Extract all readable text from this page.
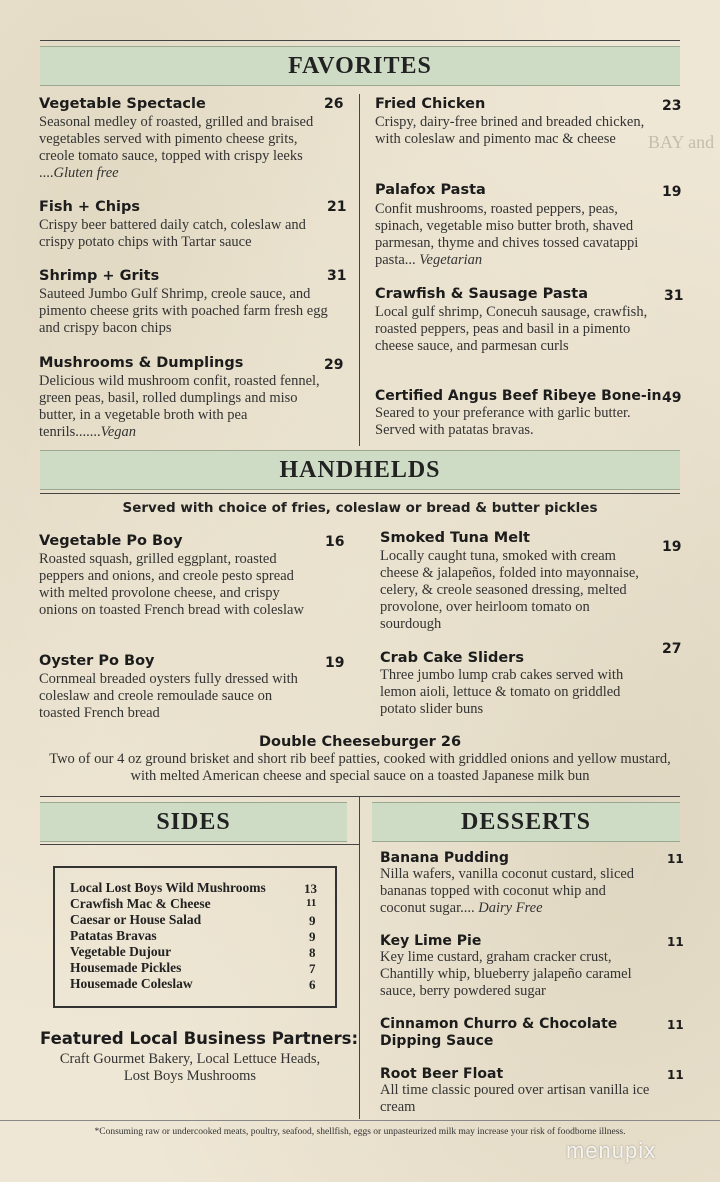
BAY and
FAVORITES
Vegetable Spectacle	26
Seasonal medley of roasted, grilled and braised vegetables served with pimento cheese grits, creole tomato sauce, topped with crispy leeks ....Gluten free
Fish + Chips	21
Crispy beer battered daily catch, coleslaw and crispy potato chips with Tartar sauce
Shrimp + Grits	31
Sauteed Jumbo Gulf Shrimp, creole sauce, and pimento cheese grits with poached farm fresh egg and crispy bacon chips
Mushrooms & Dumplings	29
Delicious wild mushroom confit, roasted fennel, green peas, basil, rolled dumplings and miso butter, in a vegetable broth with pea tenrils.......Vegan
Fried Chicken	23
Crispy, dairy-free brined and breaded chicken, with coleslaw and pimento mac & cheese
Palafox Pasta	19
Confit mushrooms, roasted peppers, peas, spinach, vegetable miso butter broth, shaved parmesan, thyme and chives tossed cavatappi pasta... Vegetarian
Crawfish & Sausage Pasta	31
Local gulf shrimp, Conecuh sausage, crawfish, roasted peppers, peas and basil in a pimento cheese sauce, and parmesan curls
Certified Angus Beef Ribeye Bone-in 49
Seared to your preferance with garlic butter. Served with patatas bravas.
HANDHELDS
Served with choice of fries, coleslaw or bread & butter pickles
Vegetable Po Boy	16
Roasted squash, grilled eggplant, roasted peppers and onions, and creole pesto spread with melted provolone cheese, and crispy onions on toasted French bread with coleslaw
Oyster Po Boy	19
Cornmeal breaded oysters fully dressed with coleslaw and creole remoulade sauce on toasted French bread
Smoked Tuna Melt
19
Locally caught tuna, smoked with cream cheese & jalapeños, folded into mayonnaise, celery, & creole seasoned dressing, melted provolone, over heirloom tomato on sourdough
Crab Cake Sliders
27
Three jumbo lump crab cakes served with lemon aioli, lettuce & tomato on griddled potato slider buns
Double Cheeseburger 26
Two of our 4 oz ground brisket and short rib beef patties, cooked with griddled onions and yellow mustard, with melted American cheese and special sauce on a toasted Japanese milk bun
SIDES	DESSERTS
Local Lost Boys Wild Mushrooms	13
Crawfish Mac & Cheese	11
Caesar or House Salad	9
Patatas Bravas	9
Vegetable Dujour	8
Housemade Pickles	7
Housemade Coleslaw	6
Featured Local Business Partners:
Craft Gourmet Bakery, Local Lettuce Heads,
Lost Boys Mushrooms
Banana Pudding	11
Nilla wafers, vanilla coconut custard, sliced bananas topped with coconut whip and coconut sugar.... Dairy Free
Key Lime Pie	11
Key lime custard, graham cracker crust, Chantilly whip, blueberry jalapeño caramel sauce, berry powdered sugar
Cinnamon Churro & Chocolate Dipping Sauce
11
Root Beer Float	11
All time classic poured over artisan vanilla ice cream
*Consuming raw or undercooked meats, poultry, seafood, shellfish, eggs or unpasteurized milk may increase your risk of foodborne illness.
menupix
